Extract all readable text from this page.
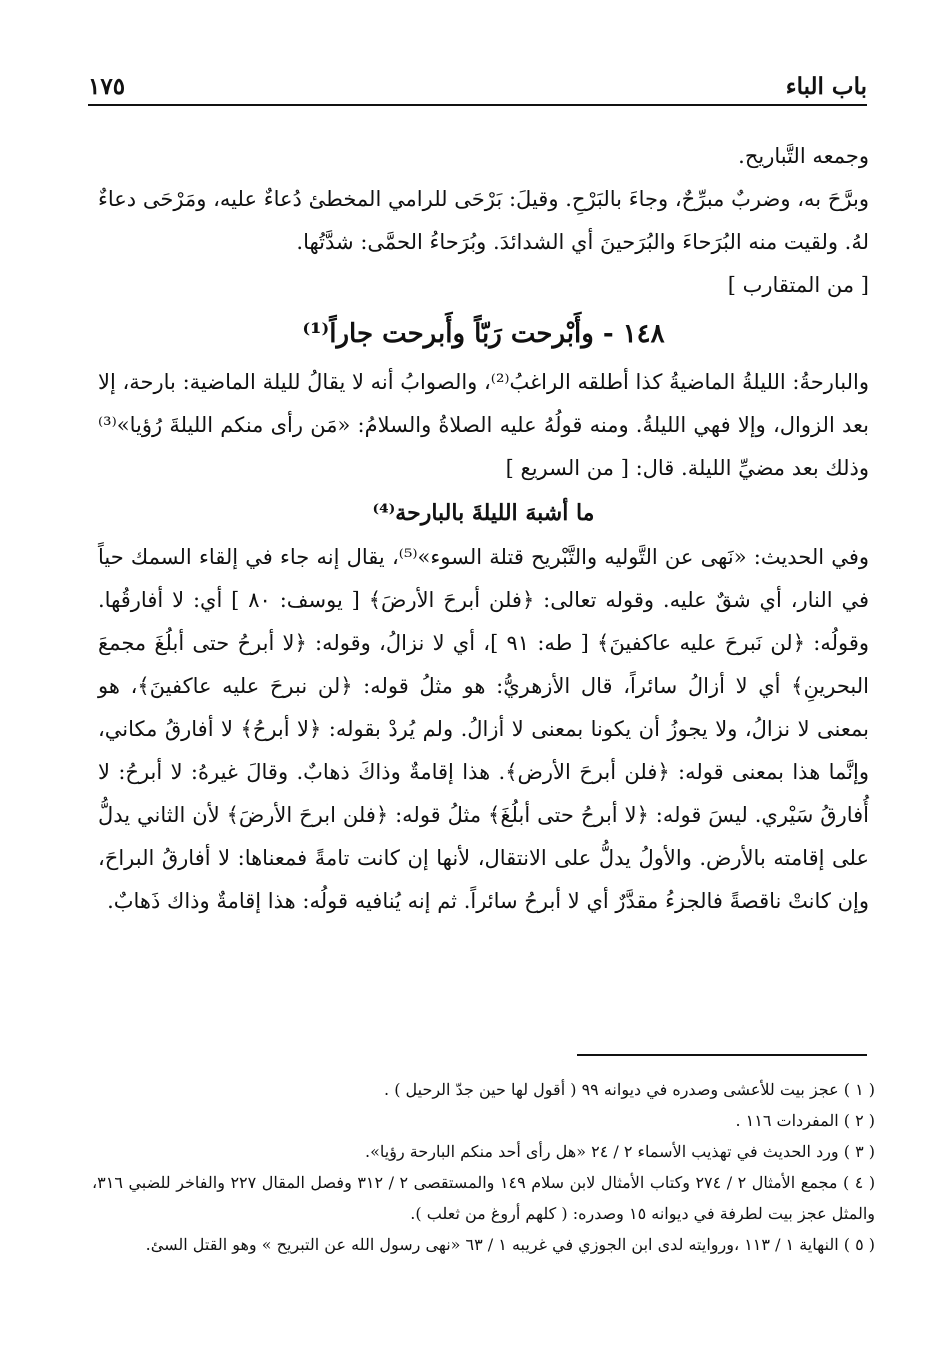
باب الباء
١٧٥

وجمعه التَّباريح.

وبرَّحَ به، وضربٌ مبرِّحٌ، وجاءَ بالبَرْحِ. وقيلَ: بَرْحَى للرامي المخطئ دُعاءٌ عليه، ومَرْحَى دعاءٌ لهُ. ولقيت منه البُرَحاءَ والبُرَحينَ أي الشدائدَ. وبُرَحاءُ الحمَّى: شدَّتُها.

[ من المتقارب ]

١٤٨ - وأَبْرحت رَبّاً وأَبرحت جاراً⁽¹⁾

والبارحةُ: الليلةُ الماضيةُ كذا أطلقه الراغبُ⁽²⁾، والصوابُ أنه لا يقالُ لليلة الماضية: بارحة، إلا بعد الزوال، وإلا فهي الليلةُ. ومنه قولُهُ عليه الصلاةُ والسلامُ: «مَن رأى منكم الليلةَ رُؤيا»⁽³⁾ وذلك بعد مضيِّ الليلة. قال: [ من السريع ]

ما أشبهَ الليلةَ بالبارحة⁽⁴⁾

وفي الحديث: «نَهى عن التَّوليه والتَّبْريح قتلة السوء»⁽⁵⁾، يقال إنه جاء في إلقاء السمك حياً في النار، أي شقٌ عليه. وقوله تعالى: ﴿فلن أبرحَ الأرضَ﴾ [ يوسف: ٨٠ ] أي: لا أفارقُها. وقولُه: ﴿لن نَبرحَ عليه عاكفينَ﴾ [ طه: ٩١ ]، أي لا نزالُ، وقوله: ﴿لا أبرحُ حتى أبلُغَ مجمعَ البحرينِ﴾ أي لا أزالُ سائراً، قال الأزهريُّ: هو مثلُ قوله: ﴿لن نبرحَ عليه عاكفينَ﴾، هو بمعنى لا نزالُ، ولا يجوزُ أن يكونا بمعنى لا أزالُ. ولم يُردْ بقوله: ﴿لا أبرحُ﴾ لا أفارقُ مكاني، وإنَّما هذا بمعنى قوله: ﴿فلن أبرحَ الأرض﴾. هذا إقامةٌ وذاكَ ذهابٌ. وقالَ غيرهُ: لا أبرحُ: لا أُفارقُ سَيْري. ليسَ قوله: ﴿لا أبرحُ حتى أبلُغَ﴾ مثلُ قوله: ﴿فلن ابرحَ الأرضَ﴾ لأن الثاني يدلُّ على إقامته بالأرض. والأولُ يدلُّ على الانتقال، لأنها إن كانت تامةً فمعناها: لا أفارقُ البراحَ، وإن كانتْ ناقصةً فالجزءُ مقدَّرٌ أي لا أبرحُ سائراً. ثم إنه يُنافيه قولُه: هذا إقامةٌ وذاك ذَهابٌ.

( ١ ) عجز بيت للأعشى وصدره في ديوانه ٩٩ ( أقول لها حين جدّ الرحيل ) .

( ٢ ) المفردات ١١٦ .

( ٣ ) ورد الحديث في تهذيب الأسماء ٢ / ٢٤ «هل رأى أحد منكم البارحة رؤيا».

( ٤ ) مجمع الأمثال ٢ / ٢٧٤ وكتاب الأمثال لابن سلام ١٤٩ والمستقصى ٢ / ٣١٢ وفصل المقال ٢٢٧ والفاخر للضبي ٣١٦، والمثل عجز بيت لطرفة في ديوانه ١٥ وصدره: ( كلهم أروغ من ثعلب ).

( ٥ ) النهاية ١ / ١١٣ ،وروايته لدى ابن الجوزي في غريبه ١ / ٦٣ «نهى رسول الله عن التبريح » وهو القتل السئ.
